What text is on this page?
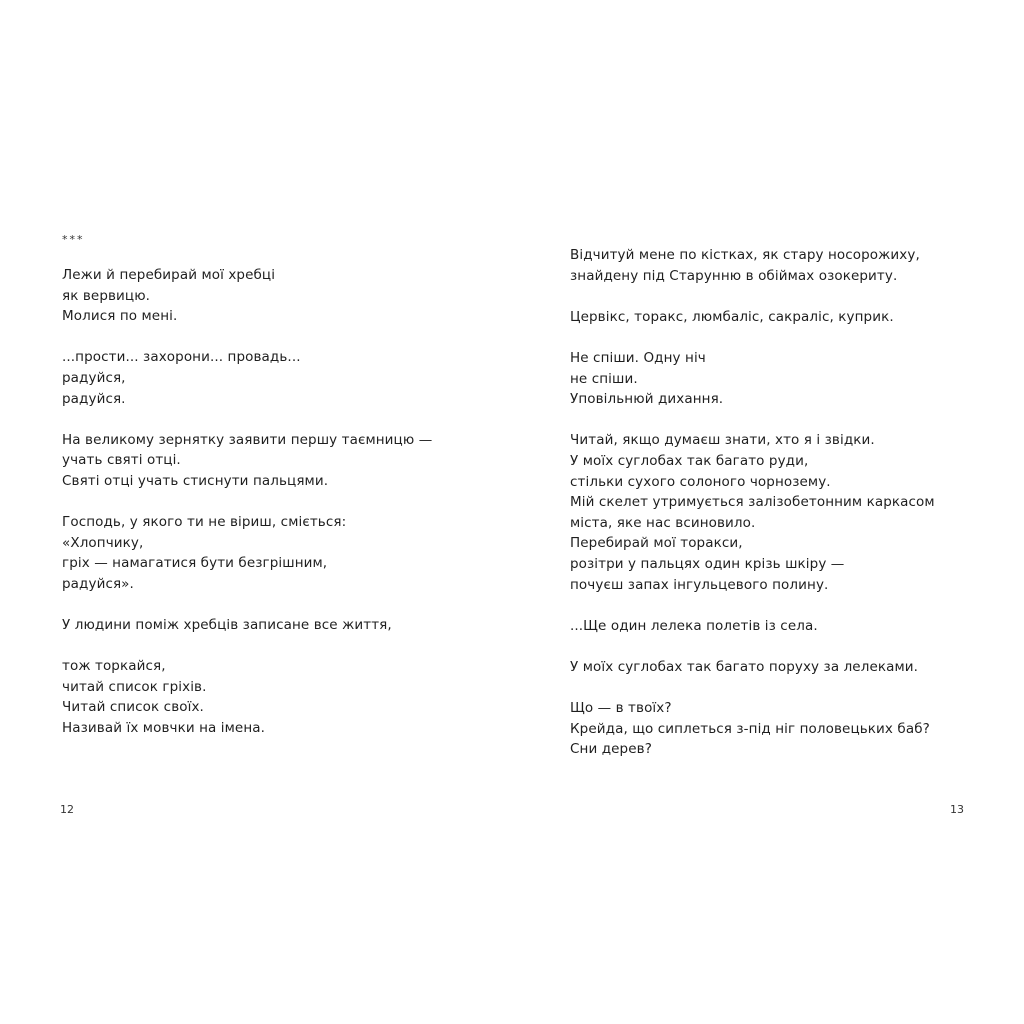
***
Лежи й перебирай мої хребці
як вервицю.
Молися по мені.
...прости... захорони... провадь...
радуйся,
радуйся.
На великому зернятку заявити першу таємницю —
учать святі отці.
Святі отці учать стиснути пальцями.
Господь, у якого ти не віриш, сміється:
«Хлопчику,
гріх — намагатися бути безгрішним,
радуйся».
У людини поміж хребців записане все життя,
тож торкайся,
читай список гріхів.
Читай список своїх.
Називай їх мовчки на імена.
12
Відчитуй мене по кістках, як стару носорожиху,
знайдену під Старунню в обіймах озокериту.
Цервікс, торакс, люмбаліс, сакраліс, куприк.
Не спіши. Одну ніч
не спіши.
Уповільнюй дихання.
Читай, якщо думаєш знати, хто я і звідки.
У моїх суглобах так багато руди,
стільки сухого солоного чорнозему.
Мій скелет утримується залізобетонним каркасом
міста, яке нас всиновило.
Перебирай мої торакси,
розітри у пальцях один крізь шкіру —
почуєш запах інгульцевого полину.
...Ще один лелека полетів із села.
У моїх суглобах так багато поруху за лелеками.
Що — в твоїх?
Крейда, що сиплеться з-під ніг половецьких баб?
Сни дерев?
13
